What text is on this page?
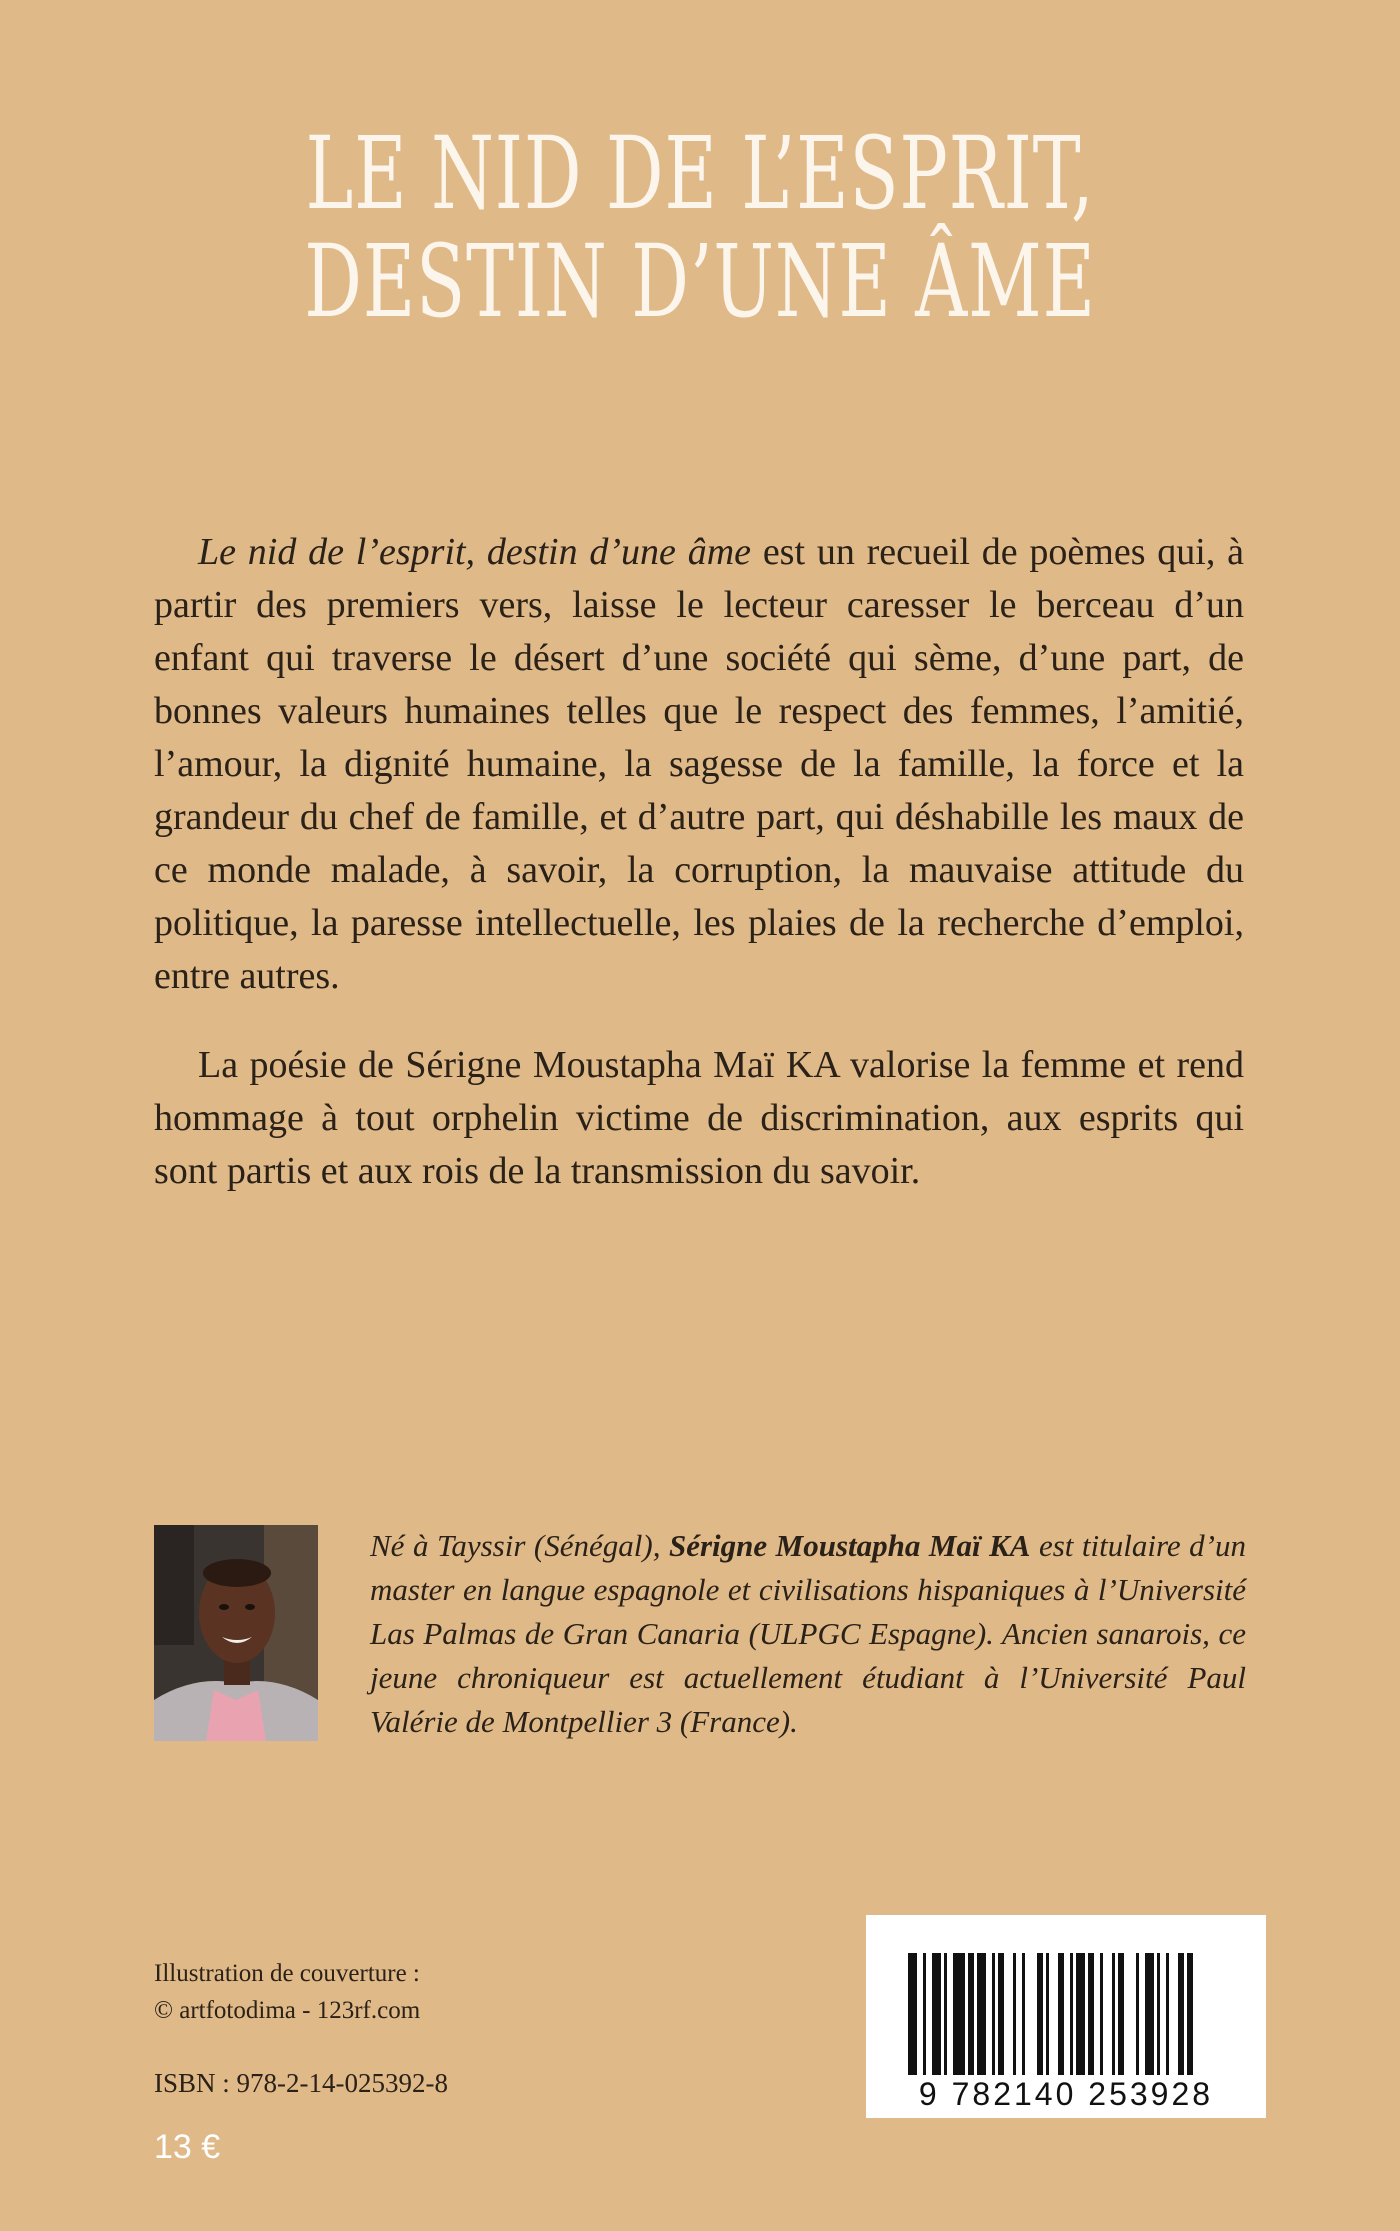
LE NID DE L’ESPRIT,
DESTIN D’UNE ÂME

Le nid de l’esprit, destin d’une âme est un recueil de poèmes qui, à partir des premiers vers, laisse le lecteur caresser le berceau d’un enfant qui traverse le désert d’une société qui sème, d’une part, de bonnes valeurs humaines telles que le respect des femmes, l’amitié, l’amour, la dignité humaine, la sagesse de la famille, la force et la grandeur du chef de famille, et d’autre part, qui déshabille les maux de ce monde malade, à savoir, la corruption, la mauvaise attitude du politique, la paresse intellectuelle, les plaies de la recherche d’emploi, entre autres.

La poésie de Sérigne Moustapha Maï KA valorise la femme et rend hommage à tout orphelin victime de discrimination, aux esprits qui sont partis et aux rois de la transmission du savoir.

Né à Tayssir (Sénégal), Sérigne Moustapha Maï KA est titulaire d’un master en langue espagnole et civilisations hispaniques à l’Université Las Palmas de Gran Canaria (ULPGC Espagne). Ancien sanarois, ce jeune chroniqueur est actuellement étudiant à l’Université Paul Valérie de Montpellier 3 (France).
Illustration de couverture :
© artfotodima - 123rf.com
ISBN : 978-2-14-025392-8
13 €
9 782140 253928
